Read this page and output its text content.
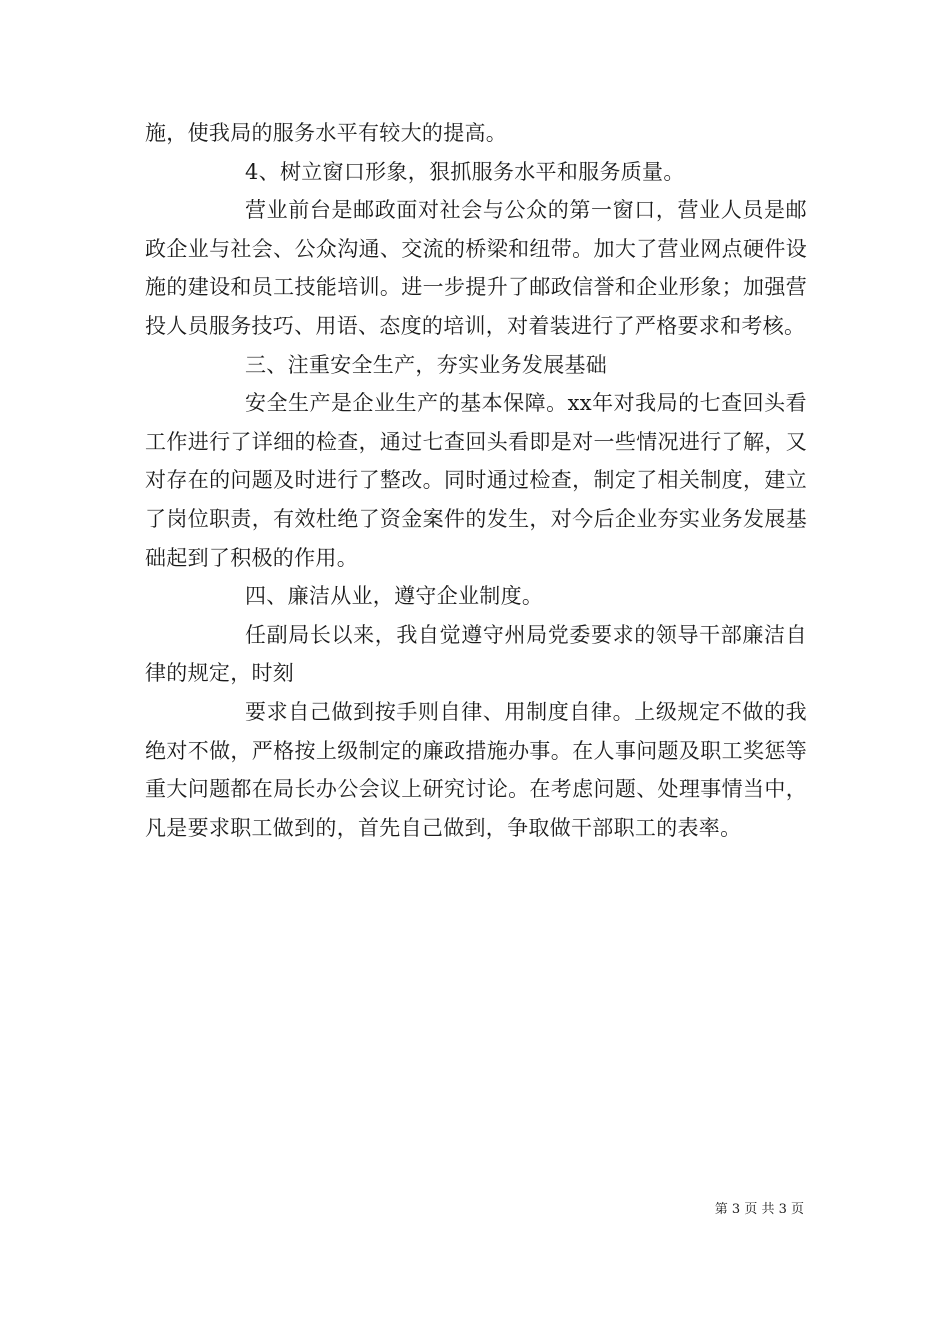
施，使我局的服务水平有较大的提高。

4、树立窗口形象，狠抓服务水平和服务质量。

营业前台是邮政面对社会与公众的第一窗口，营业人员是邮政企业与社会、公众沟通、交流的桥梁和纽带。加大了营业网点硬件设施的建设和员工技能培训。进一步提升了邮政信誉和企业形象；加强营投人员服务技巧、用语、态度的培训，对着装进行了严格要求和考核。

三、注重安全生产，夯实业务发展基础

安全生产是企业生产的基本保障。xx年对我局的七查回头看工作进行了详细的检查，通过七查回头看即是对一些情况进行了解，又对存在的问题及时进行了整改。同时通过检查，制定了相关制度，建立了岗位职责，有效杜绝了资金案件的发生，对今后企业夯实业务发展基础起到了积极的作用。

四、廉洁从业，遵守企业制度。

任副局长以来，我自觉遵守州局党委要求的领导干部廉洁自律的规定，时刻

要求自己做到按手则自律、用制度自律。上级规定不做的我绝对不做，严格按上级制定的廉政措施办事。在人事问题及职工奖惩等重大问题都在局长办公会议上研究讨论。在考虑问题、处理事情当中，凡是要求职工做到的，首先自己做到，争取做干部职工的表率。

第 3 页 共 3 页
